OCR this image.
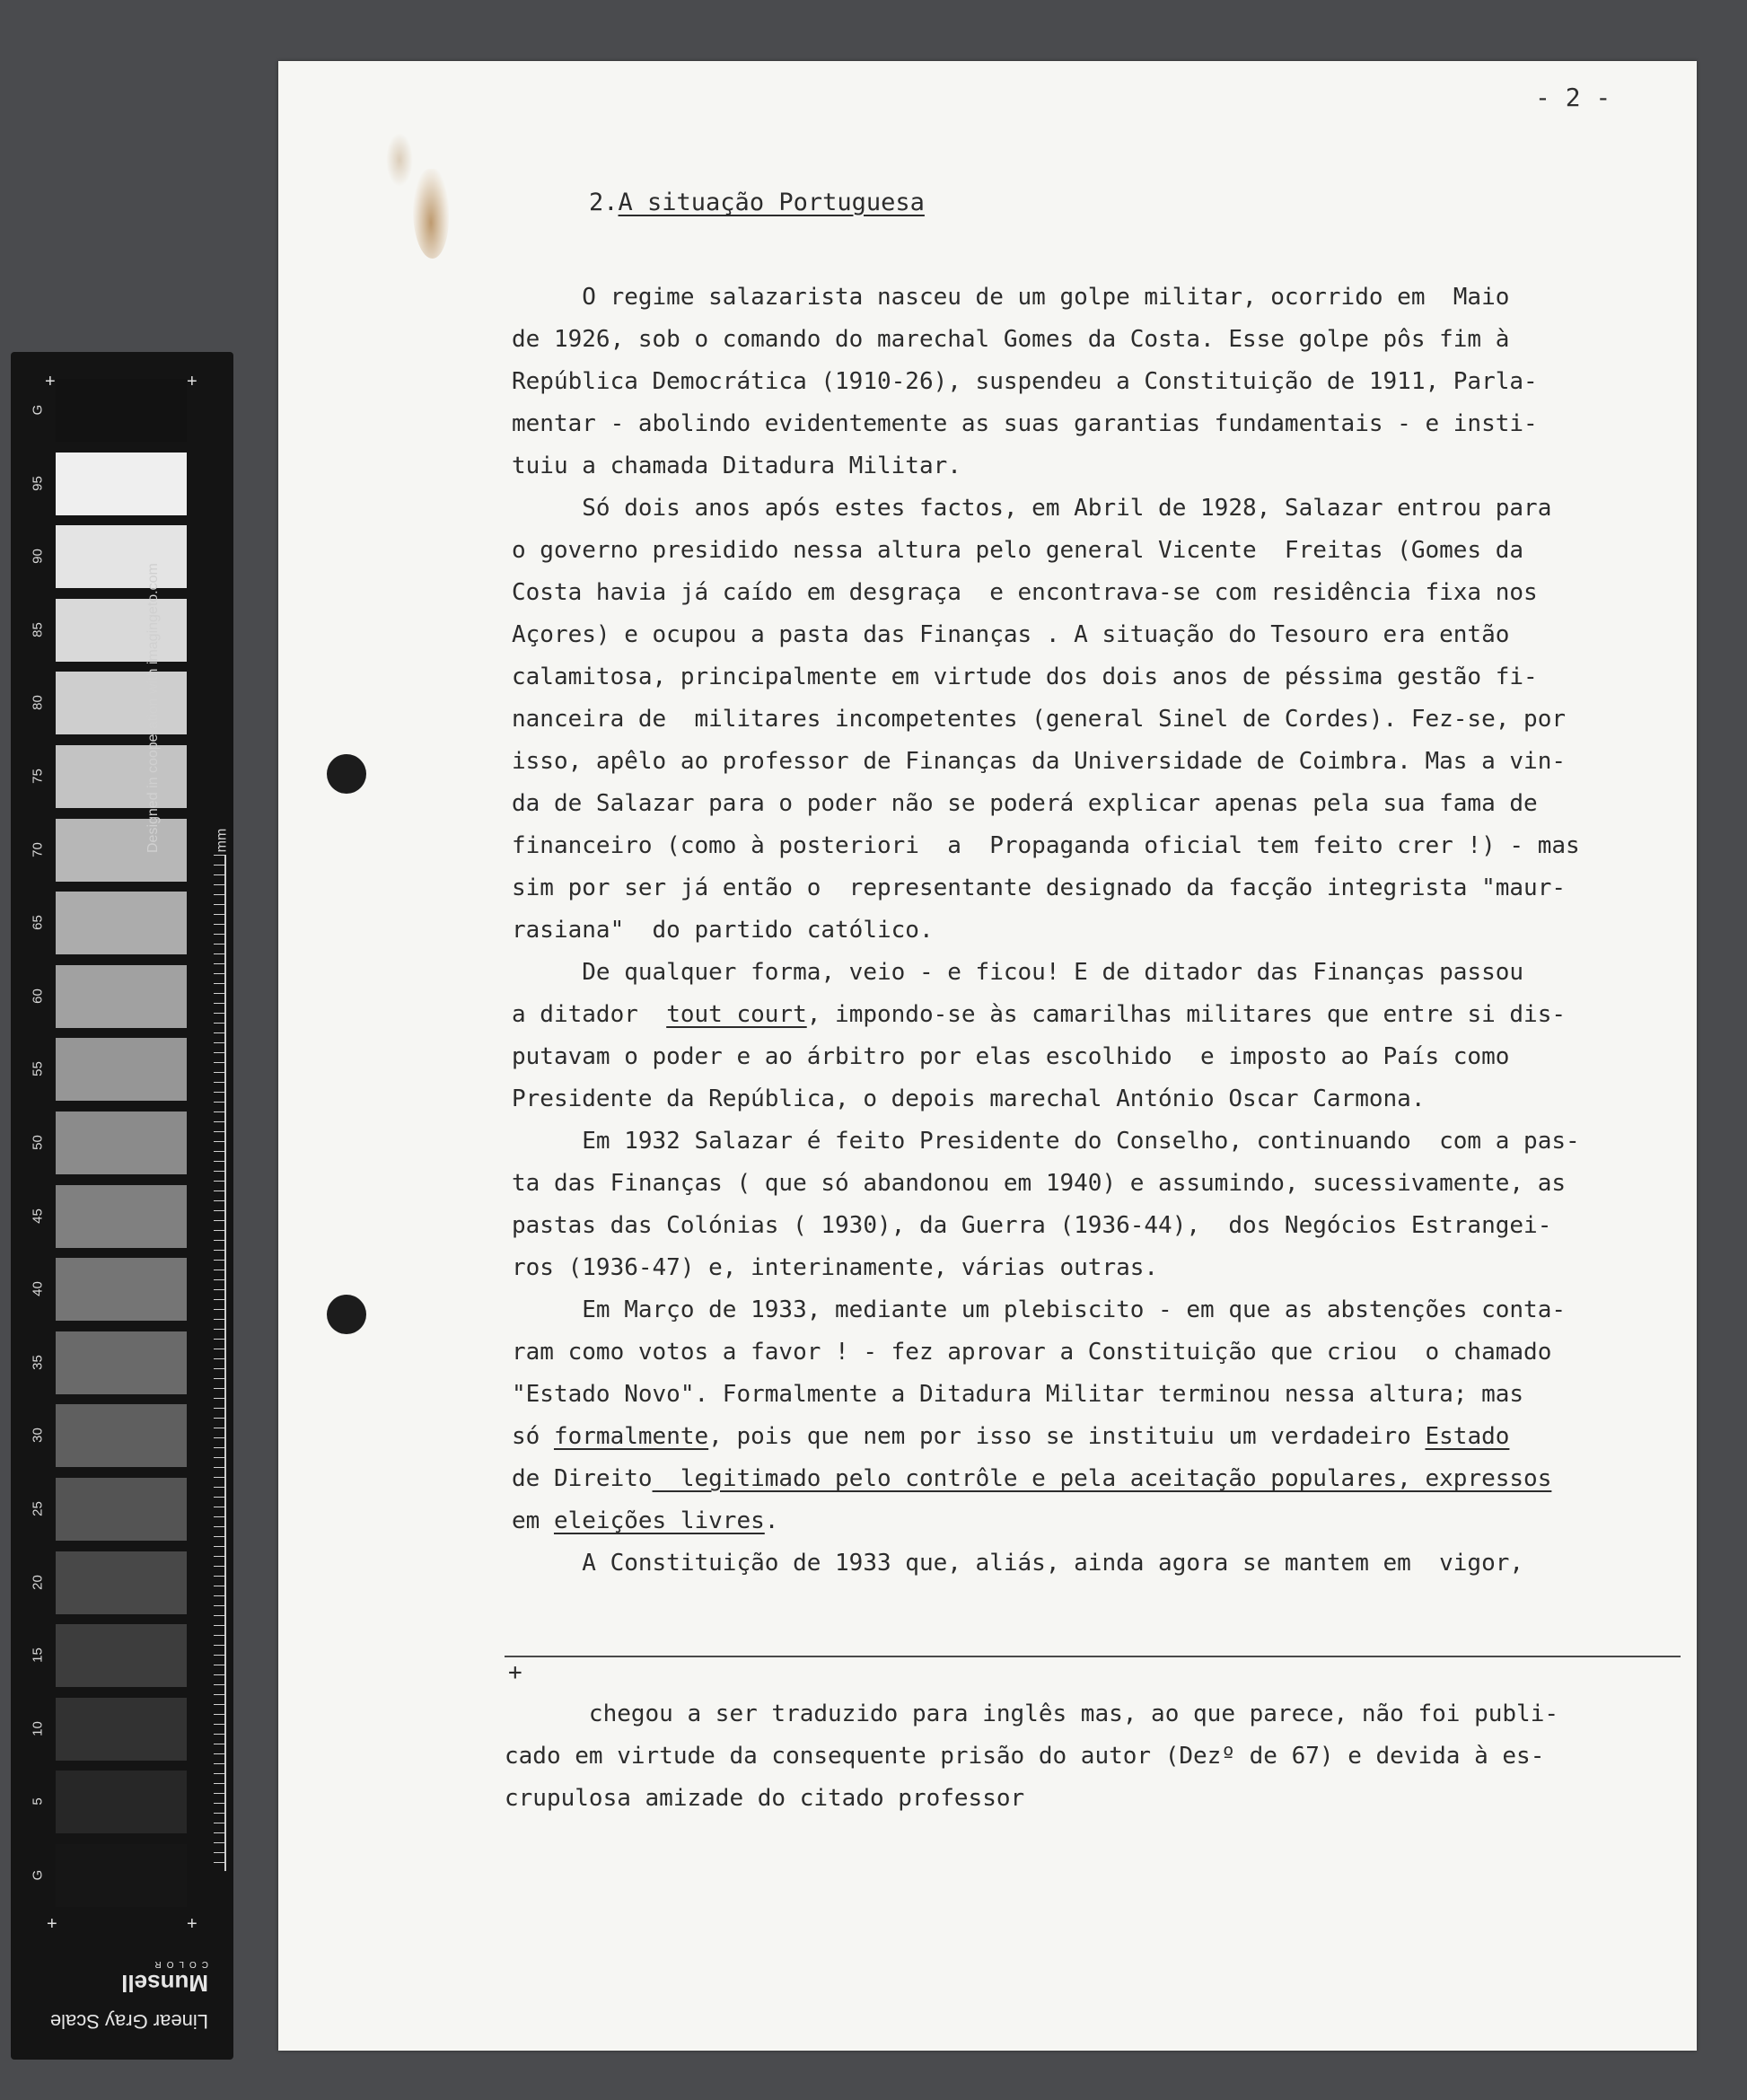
- 2 -
2.A situação Portuguesa
O regime salazarista nasceu de um golpe militar, ocorrido em  Maio
de 1926, sob o comando do marechal Gomes da Costa. Esse golpe pôs fim à
República Democrática (1910-26), suspendeu a Constituição de 1911, Parla-
mentar - abolindo evidentemente as suas garantias fundamentais - e insti-
tuiu a chamada Ditadura Militar.
Só dois anos após estes factos, em Abril de 1928, Salazar entrou para
o governo presidido nessa altura pelo general Vicente  Freitas (Gomes da
Costa havia já caído em desgraça  e encontrava-se com residência fixa nos
Açores) e ocupou a pasta das Finanças . A situação do Tesouro era então
calamitosa, principalmente em virtude dos dois anos de péssima gestão fi-
nanceira de  militares incompetentes (general Sinel de Cordes). Fez-se, por
isso, apêlo ao professor de Finanças da Universidade de Coimbra. Mas a vin-
da de Salazar para o poder não se poderá explicar apenas pela sua fama de
financeiro (como à posteriori  a  Propaganda oficial tem feito crer !) - mas
sim por ser já então o  representante designado da facção integrista "maur-
rasiana"  do partido católico.
De qualquer forma, veio - e ficou! E de ditador das Finanças passou
a ditador  tout court, impondo-se às camarilhas militares que entre si dis-
putavam o poder e ao árbitro por elas escolhido  e imposto ao País como
Presidente da República, o depois marechal António Oscar Carmona.
Em 1932 Salazar é feito Presidente do Conselho, continuando  com a pas-
ta das Finanças ( que só abandonou em 1940) e assumindo, sucessivamente, as
pastas das Colónias ( 1930), da Guerra (1936-44),  dos Negócios Estrangei-
ros (1936-47) e, interinamente, várias outras.
Em Março de 1933, mediante um plebiscito - em que as abstenções conta-
ram como votos a favor ! - fez aprovar a Constituição que criou  o chamado
"Estado Novo". Formalmente a Ditadura Militar terminou nessa altura; mas
só formalmente, pois que nem por isso se instituiu um verdadeiro Estado
de Direito  legitimado pelo contrôle e pela aceitação populares, expressos
em eleições livres.
A Constituição de 1933 que, aliás, ainda agora se mantem em  vigor,
+
chegou a ser traduzido para inglês mas, ao que parece, não foi publi-
cado em virtude da consequente prisão do autor (Dezº de 67) e devida à es-
crupulosa amizade do citado professor
G
95
90
85
80
75
70
65
60
55
50
45
40
35
30
25
20
15
10
5
G
+	+
+	+
Designed in cooperation with imagingeto.com	mm
Linear Gray Scale
Munsell
COLOR
